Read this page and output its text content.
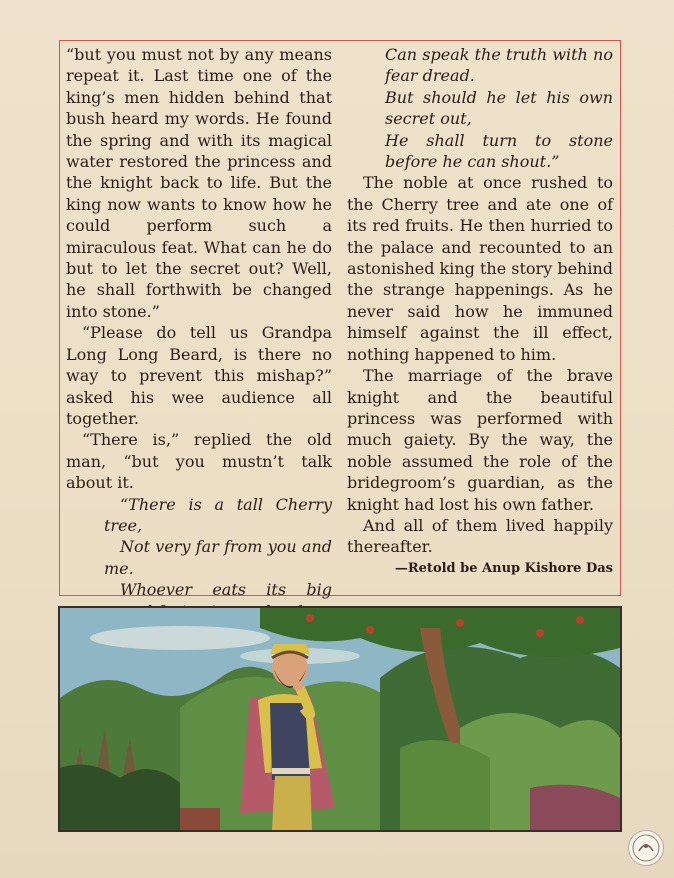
“but you must not by any means repeat it. Last time one of the king’s men hidden behind that bush heard my words. He found the spring and with its magical water restored the princess and the knight back to life. But the king now wants to know how he could perform such a miraculous feat. What can he do but to let the secret out? Well, he shall forthwith be changed into stone.”

“Please do tell us Grandpa Long Long Beard, is there no way to prevent this mishap?” asked his wee audience all together.

“There is,” replied the old man, “but you mustn’t talk about it.

“There is a tall Cherry tree,
Not very far from you and me.
Whoever eats its big

Can speak the truth with no fear dread.
But should he let his own secret out,
He shall turn to stone before he can shout.”

The noble at once rushed to the Cherry tree and ate one of its red fruits. He then hurried to the palace and recounted to an astonished king the story behind the strange happenings. As he never said how he immuned himself against the ill effect, nothing happened to him.

The marriage of the brave knight and the beautiful princess was performed with much gaiety. By the way, the noble assumed the role of the bridegroom’s guardian, as the knight had lost his own father.

And all of them lived happily thereafter.

—Retold be Anup Kishore Das
